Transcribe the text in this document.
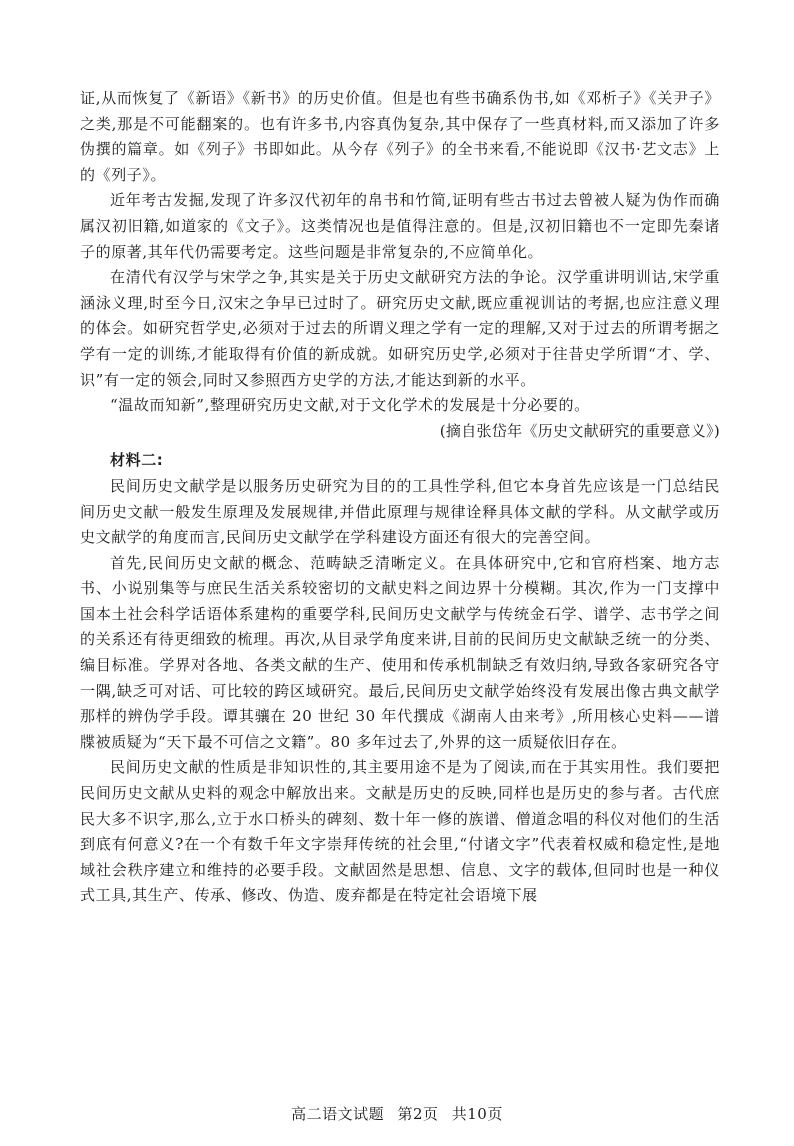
证,从而恢复了《新语》《新书》的历史价值。但是也有些书确系伪书,如《邓析子》《关尹子》之类,那是不可能翻案的。也有许多书,内容真伪复杂,其中保存了一些真材料,而又添加了许多伪撰的篇章。如《列子》书即如此。从今存《列子》的全书来看,不能说即《汉书·艺文志》上的《列子》。

近年考古发掘,发现了许多汉代初年的帛书和竹简,证明有些古书过去曾被人疑为伪作而确属汉初旧籍,如道家的《文子》。这类情况也是值得注意的。但是,汉初旧籍也不一定即先秦诸子的原著,其年代仍需要考定。这些问题是非常复杂的,不应简单化。

在清代有汉学与宋学之争,其实是关于历史文献研究方法的争论。汉学重讲明训诂,宋学重涵泳义理,时至今日,汉宋之争早已过时了。研究历史文献,既应重视训诂的考据,也应注意义理的体会。如研究哲学史,必须对于过去的所谓义理之学有一定的理解,又对于过去的所谓考据之学有一定的训练,才能取得有价值的新成就。如研究历史学,必须对于往昔史学所谓“才、学、识”有一定的领会,同时又参照西方史学的方法,才能达到新的水平。

“温故而知新”,整理研究历史文献,对于文化学术的发展是十分必要的。

(摘自张岱年《历史文献研究的重要意义》)

材料二:

民间历史文献学是以服务历史研究为目的的工具性学科,但它本身首先应该是一门总结民间历史文献一般发生原理及发展规律,并借此原理与规律诠释具体文献的学科。从文献学或历史文献学的角度而言,民间历史文献学在学科建设方面还有很大的完善空间。

首先,民间历史文献的概念、范畴缺乏清晰定义。在具体研究中,它和官府档案、地方志书、小说别集等与庶民生活关系较密切的文献史料之间边界十分模糊。其次,作为一门支撑中国本土社会科学话语体系建构的重要学科,民间历史文献学与传统金石学、谱学、志书学之间的关系还有待更细致的梳理。再次,从目录学角度来讲,目前的民间历史文献缺乏统一的分类、编目标准。学界对各地、各类文献的生产、使用和传承机制缺乏有效归纳,导致各家研究各守一隅,缺乏可对话、可比较的跨区域研究。最后,民间历史文献学始终没有发展出像古典文献学那样的辨伪学手段。谭其骧在 20 世纪 30 年代撰成《湖南人由来考》,所用核心史料——谱牒被质疑为“天下最不可信之文籍”。80 多年过去了,外界的这一质疑依旧存在。

民间历史文献的性质是非知识性的,其主要用途不是为了阅读,而在于其实用性。我们要把民间历史文献从史料的观念中解放出来。文献是历史的反映,同样也是历史的参与者。古代庶民大多不识字,那么,立于水口桥头的碑刻、数十年一修的族谱、僧道念唱的科仪对他们的生活到底有何意义?在一个有数千年文字崇拜传统的社会里,“付诸文字”代表着权威和稳定性,是地域社会秩序建立和维持的必要手段。文献固然是思想、信息、文字的载体,但同时也是一种仪式工具,其生产、传承、修改、伪造、废弃都是在特定社会语境下展

高二语文试题 第2页 共10页
